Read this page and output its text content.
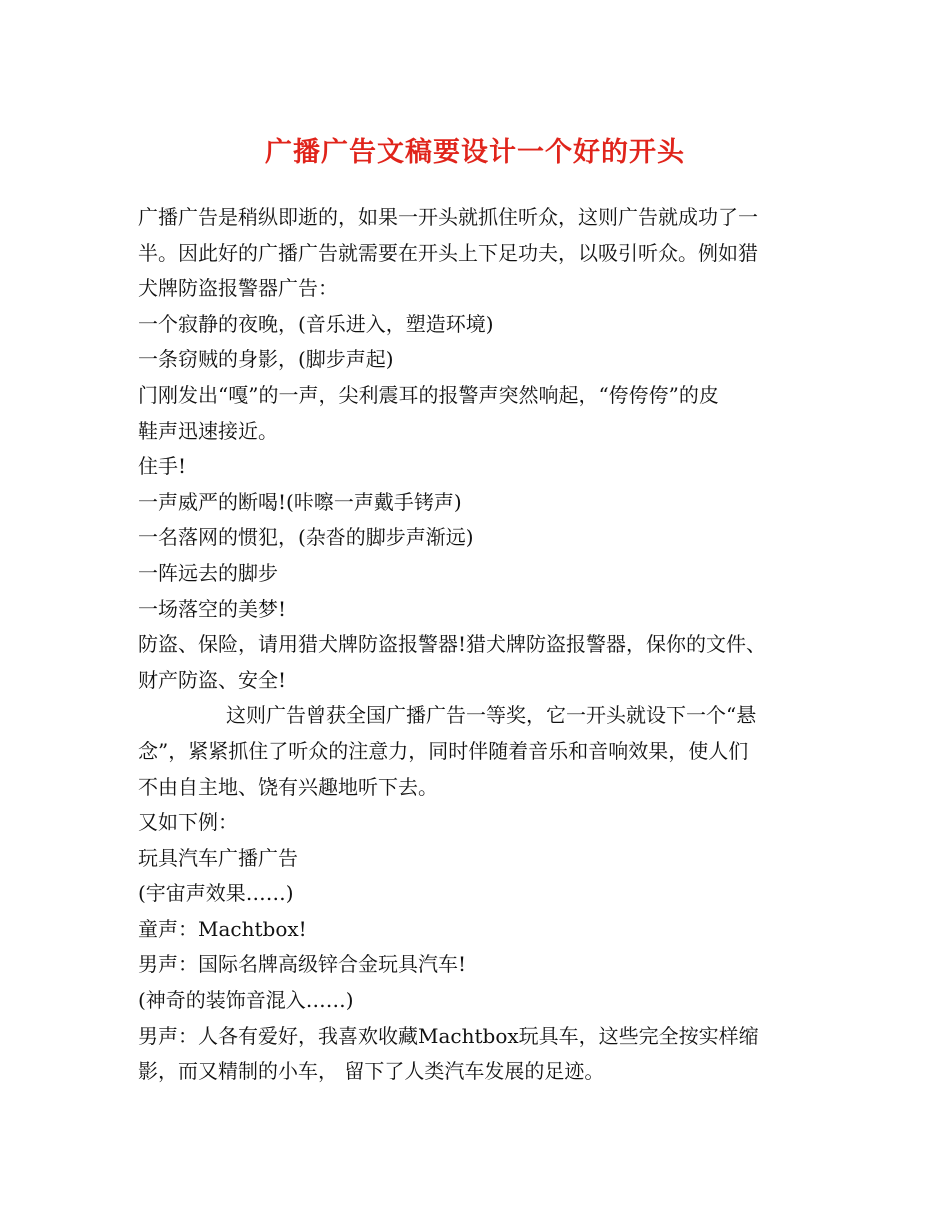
广播广告文稿要设计一个好的开头
广播广告是稍纵即逝的，如果一开头就抓住听众，这则广告就成功了一
半。因此好的广播广告就需要在开头上下足功夫，以吸引听众。例如猎
犬牌防盗报警器广告：
一个寂静的夜晚，(音乐进入，塑造环境)
一条窃贼的身影，(脚步声起)
门刚发出“嘎”的一声，尖利震耳的报警声突然响起，“侉侉侉”的皮
鞋声迅速接近。
住手!
一声威严的断喝!(咔嚓一声戴手铐声)
一名落网的惯犯，(杂沓的脚步声渐远)
一阵远去的脚步
一场落空的美梦!
防盗、保险，请用猎犬牌防盗报警器!猎犬牌防盗报警器，保你的文件、
财产防盗、安全!
这则广告曾获全国广播广告一等奖，它一开头就设下一个“悬
念”，紧紧抓住了听众的注意力，同时伴随着音乐和音响效果，使人们
不由自主地、饶有兴趣地听下去。
又如下例：
玩具汽车广播广告
(宇宙声效果……)
童声：Machtbox!
男声：国际名牌高级锌合金玩具汽车!
(神奇的装饰音混入……)
男声：人各有爱好，我喜欢收藏Machtbox玩具车，这些完全按实样缩
影，而又精制的小车， 留下了人类汽车发展的足迹。
